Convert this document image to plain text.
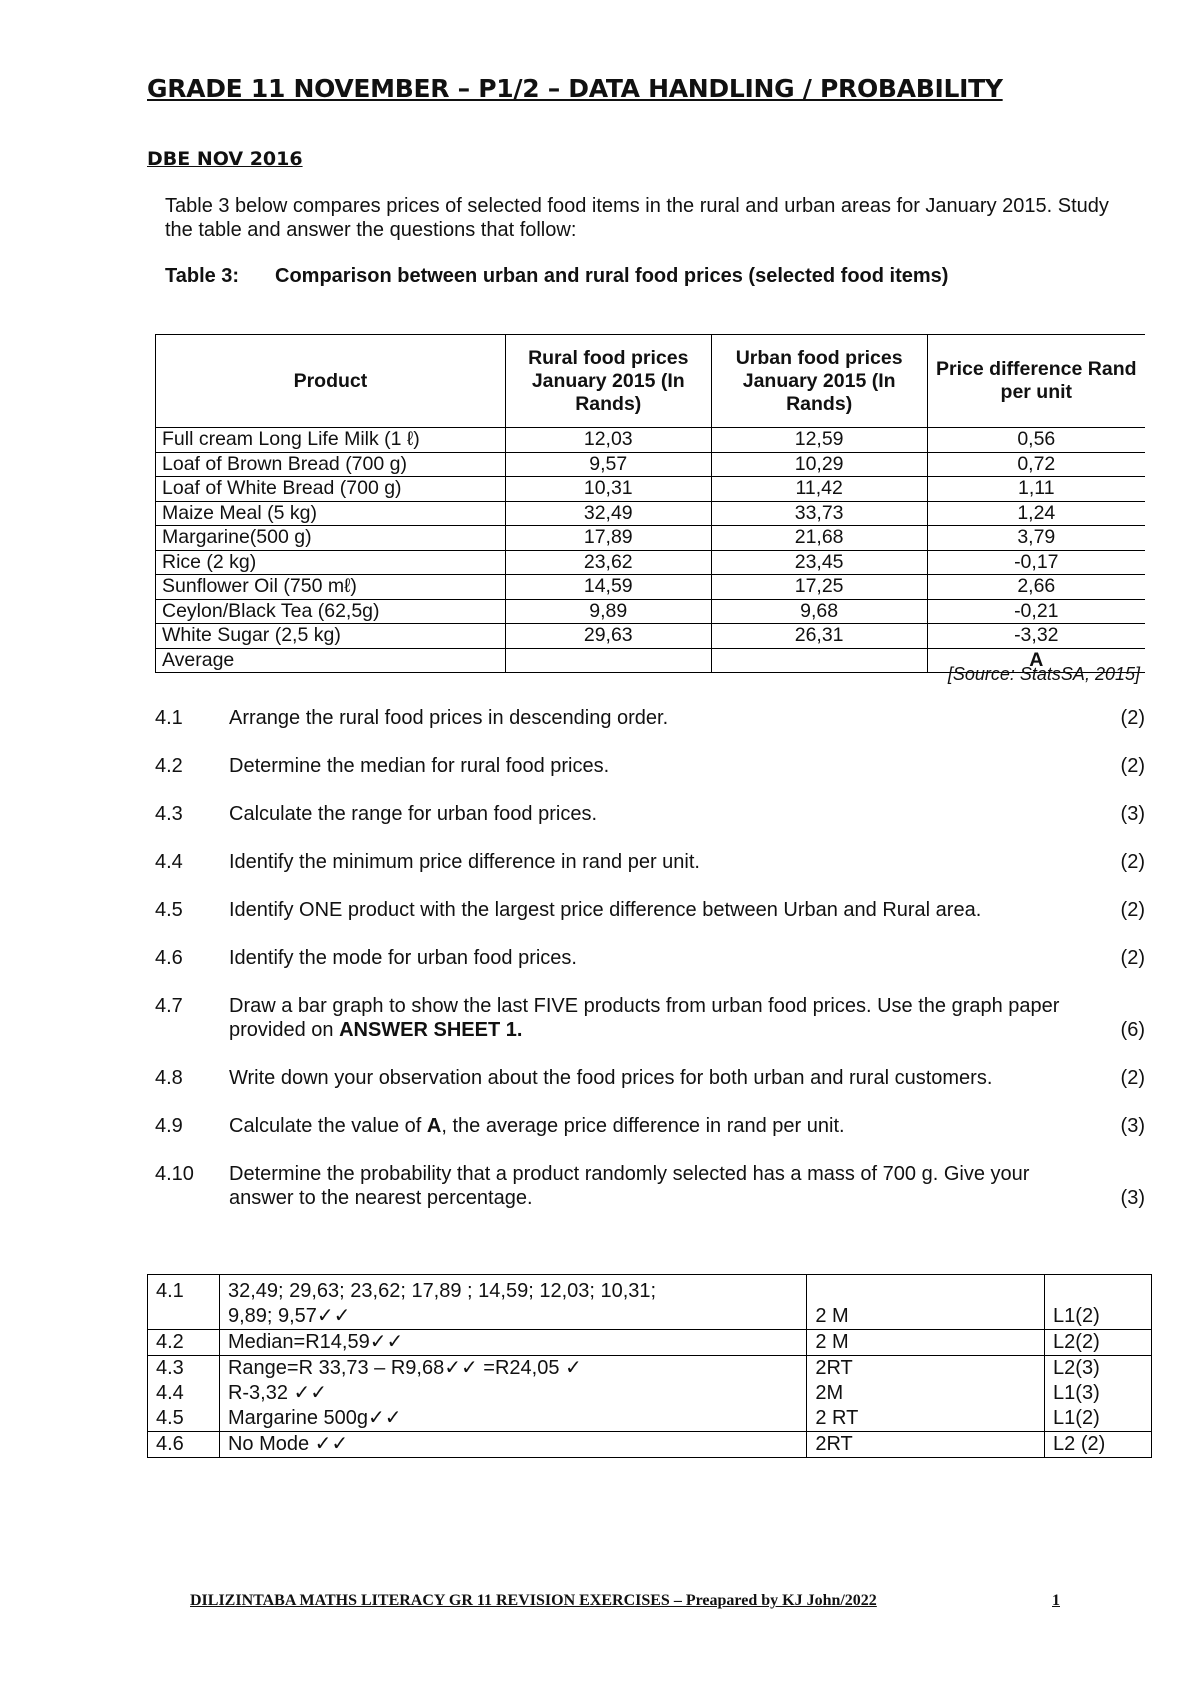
GRADE 11 NOVEMBER – P1/2 – DATA HANDLING / PROBABILITY
DBE NOV 2016
Table 3 below compares prices of selected food items in the rural and urban areas for January 2015. Study the table and answer the questions that follow:
Table 3:	Comparison between urban and rural food prices (selected food items)
Product	Rural food prices January 2015 (In Rands)	Urban food prices January 2015 (In Rands)	Price difference Rand per unit
Full cream Long Life Milk (1 ℓ)	12,03	12,59	0,56
Loaf of Brown Bread (700 g)	9,57	10,29	0,72
Loaf of White Bread (700 g)	10,31	11,42	1,11
Maize Meal (5 kg)	32,49	33,73	1,24
Margarine(500 g)	17,89	21,68	3,79
Rice (2 kg)	23,62	23,45	-0,17
Sunflower Oil (750 mℓ)	14,59	17,25	2,66
Ceylon/Black Tea (62,5g)	9,89	9,68	-0,21
White Sugar (2,5 kg)	29,63	26,31	-3,32
Average			A
[Source: StatsSA, 2015]
4.1	Arrange the rural food prices in descending order.	(2)
4.2	Determine the median for rural food prices.	(2)
4.3	Calculate the range for urban food prices.	(3)
4.4	Identify the minimum price difference in rand per unit.	(2)
4.5	Identify ONE product with the largest price difference between Urban and Rural area.	(2)
4.6	Identify the mode for urban food prices.	(2)
4.7	Draw a bar graph to show the last FIVE products from urban food prices. Use the graph paper provided on ANSWER SHEET 1.	(6)
4.8	Write down your observation about the food prices for both urban and rural customers.	(2)
4.9	Calculate the value of A, the average price difference in rand per unit.	(3)
4.10	Determine the probability that a product randomly selected has a mass of 700 g. Give your answer to the nearest percentage.	(3)
4.1	32,49; 29,63; 23,62; 17,89 ; 14,59; 12,03; 10,31;
9,89; 9,57✓✓	2 M	L1(2)
4.2	Median=R14,59✓✓	2 M	L2(2)
4.3	Range=R 33,73 – R9,68✓✓ =R24,05 ✓	2RT	L2(3)
4.4	R-3,32 ✓✓	2M	L1(3)
4.5	Margarine 500g✓✓	2 RT	L1(2)
4.6	No Mode ✓✓	2RT	L2 (2)
DILIZINTABA MATHS LITERACY GR 11 REVISION EXERCISES – Preapared by KJ John/2022	1
